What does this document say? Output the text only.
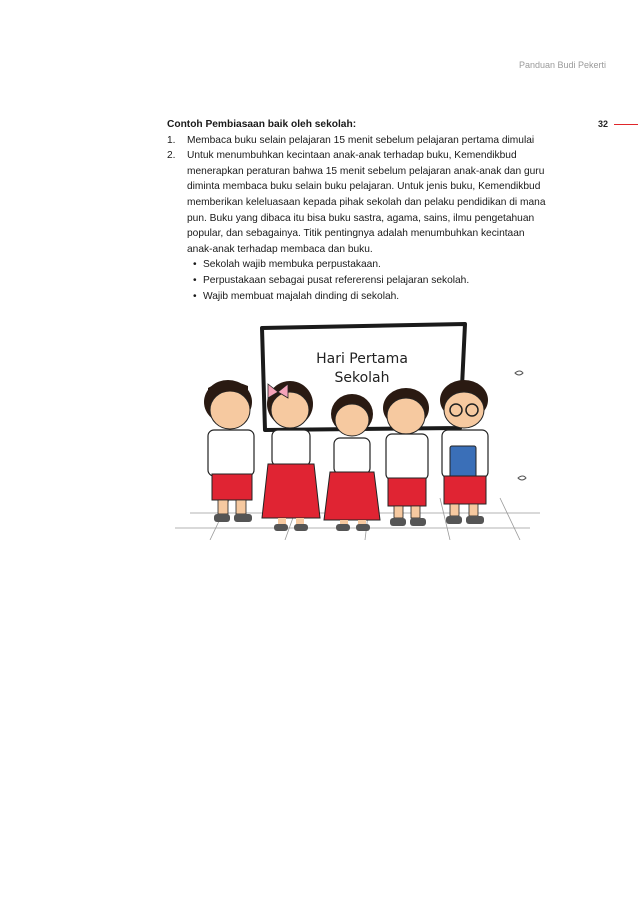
Panduan Budi Pekerti
32

Contoh Pembiasaan baik oleh sekolah:

1. Membaca buku selain pelajaran 15 menit sebelum pelajaran pertama dimulai
2. Untuk menumbuhkan kecintaan anak-anak terhadap buku, Kemendikbud menerapkan peraturan bahwa 15 menit sebelum pelajaran anak-anak dan guru diminta membaca buku selain buku pelajaran. Untuk jenis buku, Kemendikbud memberikan keleluasaan kepada pihak sekolah dan pelaku pendidikan di mana pun. Buku yang dibaca itu bisa buku sastra, agama, sains, ilmu pengetahuan popular, dan sebagainya. Titik pentingnya adalah menumbuhkan kecintaan anak-anak terhadap membaca dan buku.
• Sekolah wajib membuka perpustakaan.
• Perpustakaan sebagai pusat refererensi pelajaran sekolah.
• Wajib membuat majalah dinding di sekolah.
Hari Pertama
Sekolah
